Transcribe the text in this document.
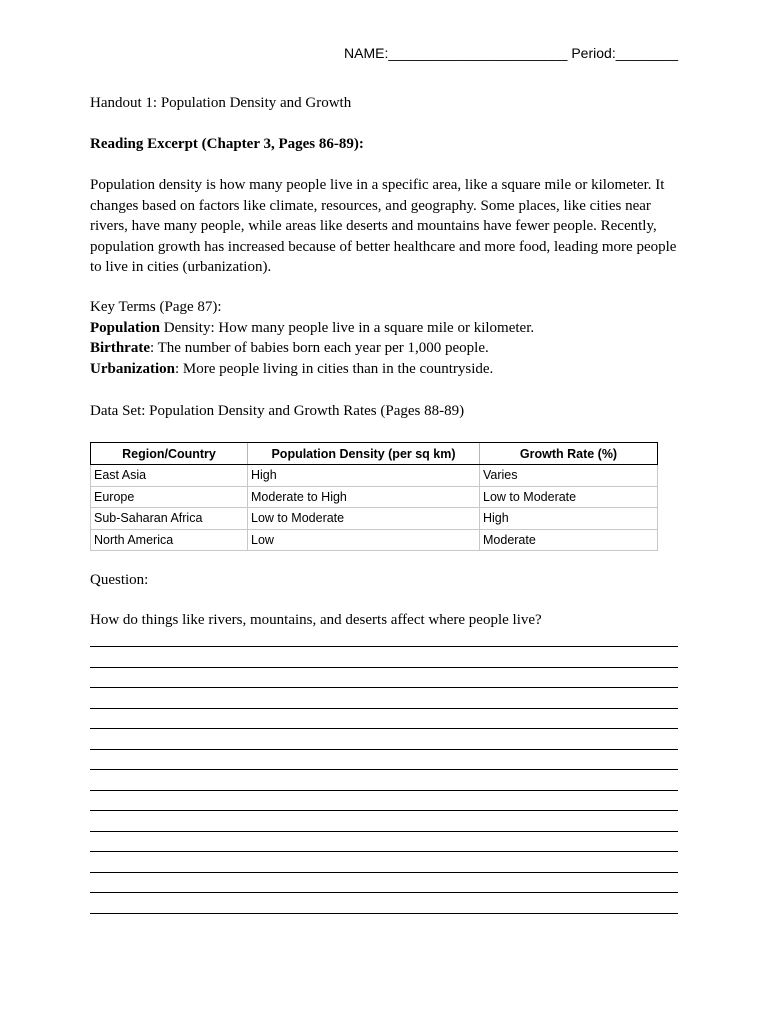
NAME:_______________________ Period:________
Handout 1: Population Density and Growth
Reading Excerpt (Chapter 3, Pages 86-89):
Population density is how many people live in a specific area, like a square mile or kilometer. It changes based on factors like climate, resources, and geography. Some places, like cities near rivers, have many people, while areas like deserts and mountains have fewer people. Recently, population growth has increased because of better healthcare and more food, leading more people to live in cities (urbanization).
Key Terms (Page 87):
Population Density: How many people live in a square mile or kilometer.
Birthrate: The number of babies born each year per 1,000 people.
Urbanization: More people living in cities than in the countryside.
Data Set: Population Density and Growth Rates (Pages 88-89)
Region/Country	Population Density (per sq km)	Growth Rate (%)
East Asia	High	Varies
Europe	Moderate to High	Low to Moderate
Sub-Saharan Africa	Low to Moderate	High
North America	Low	Moderate
Question:
How do things like rivers, mountains, and deserts affect where people live?
